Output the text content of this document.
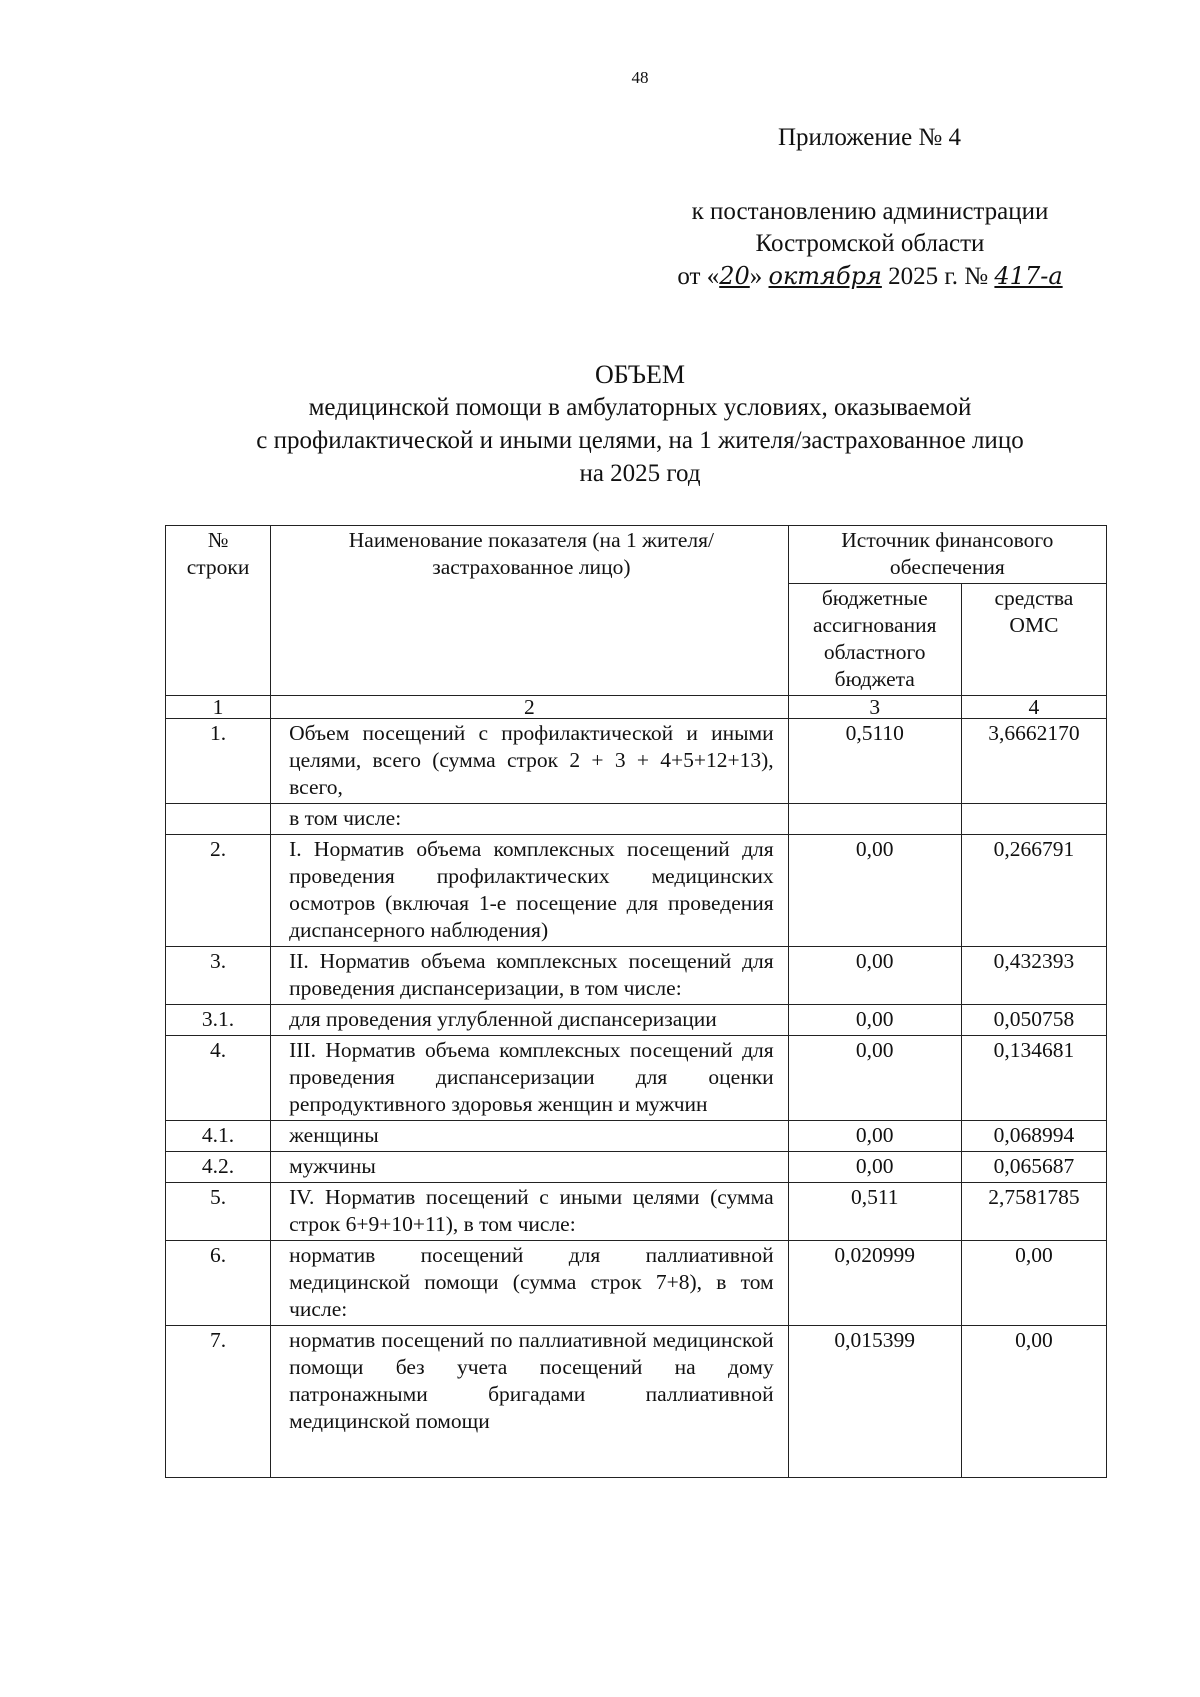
48
Приложение № 4
к постановлению администрации
Костромской области
от «20» октября 2025 г. № 417-а
ОБЪЕМ
медицинской помощи в амбулаторных условиях, оказываемой
с профилактической и иными целями, на 1 жителя/застрахованное лицо
на 2025 год
№ строки	Наименование показателя (на 1 жителя/застрахованное лицо)	Источник финансового обеспечения	
		бюджетные ассигнования областного бюджета	средства ОМС
1	2	3	4
1.	Объем посещений с профилактической и иными целями, всего (сумма строк 2 + 3 + 4+5+12+13), всего,	0,5110	3,6662170
	в том числе:		
2.	I. Норматив объема комплексных посещений для проведения профилактических медицинских осмотров (включая 1-е посещение для проведения диспансерного наблюдения)	0,00	0,266791
3.	II. Норматив объема комплексных посещений для проведения диспансеризации, в том числе:	0,00	0,432393
3.1.	для проведения углубленной диспансеризации	0,00	0,050758
4.	III. Норматив объема комплексных посещений для проведения диспансеризации для оценки репродуктивного здоровья женщин и мужчин	0,00	0,134681
4.1.	женщины	0,00	0,068994
4.2.	мужчины	0,00	0,065687
5.	IV. Норматив посещений с иными целями (сумма строк 6+9+10+11), в том числе:	0,511	2,7581785
6.	норматив посещений для паллиативной медицинской помощи (сумма строк 7+8), в том числе:	0,020999	0,00
7.	норматив посещений по паллиативной медицинской помощи без учета посещений на дому патронажными бригадами паллиативной медицинской помощи	0,015399	0,00
